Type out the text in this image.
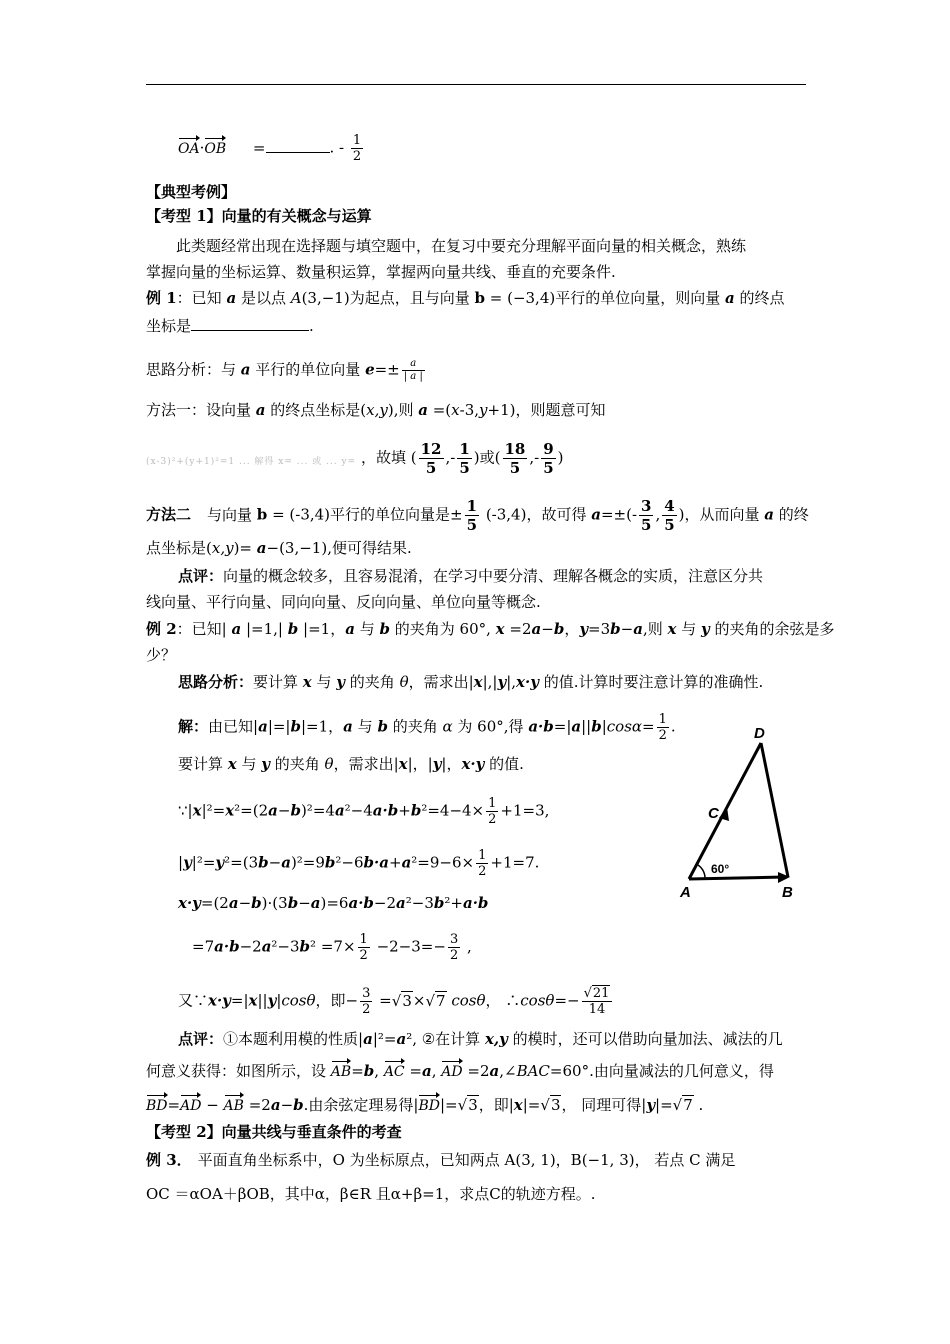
OA·OB =	. - $\frac{1}{2}$
【典型考例】
【考型 1】向量的有关概念与运算
此类题经常出现在选择题与填空题中，在复习中要充分理解平面向量的相关概念，熟练
掌握向量的坐标运算、数量积运算，掌握两向量共线、垂直的充要条件.
例 1：已知 a 是以点 A(3,−1)为起点，且与向量 b = (−3,4)平行的单位向量，则向量 a 的终点
坐标是	.
思路分析：与 a 平行的单位向量 $e=\pm \frac{a}{| a |}$
方法一：设向量 a 的终点坐标是(x,y),则 a =(x-3,y+1)，则题意可知
(x-3)²+(y+1)²=1 ... 解得 x= ... 或 ... y= ，故填 ( $\frac{12}{5}$ ,- $\frac{1}{5}$ )或( $\frac{18}{5}$ ,- $\frac{9}{5}$ )
方法二 与向量 b = (-3,4)平行的单位向量是± $\frac{1}{5} (-3,4)$，故可得 $a=\pm(- \frac{3}{5}$ , $\frac{4}{5}$ )，从而向量 a 的终
点坐标是(x,y)= a−(3,−1),便可得结果.
点评：向量的概念较多，且容易混淆，在学习中要分清、理解各概念的实质，注意区分共
线向量、平行向量、同向向量、反向向量、单位向量等概念.
例 2：已知| a |=1,| b |=1，a 与 b 的夹角为 60°, x =2a−b，y=3b−a,则 x 与 y 的夹角的余弦是多
少？
思路分析：要计算 x 与 y 的夹角 θ，需求出|x|,|y|,x·y 的值.计算时要注意计算的准确性.
解：由已知|a|=|b|=1，a 与 b 的夹角 α 为 60°,得 $a\cdot b=|a||b|\cos\alpha= \frac{1}{2}$ .
要计算 x 与 y 的夹角 θ，需求出|x|，|y|，x·y 的值.
∵|x|²=x²=(2a−b)²=4a²−4a·b+b²=4−4× $\frac{1}{2} +1=3$,
$|y|^2=y^2=(3b-a)^2=9b^2-6b\cdot a+a^2=9-6\times \frac{1}{2} +1=7$.
x·y=(2a−b)·(3b−a)=6a·b−2a²−3b²+a·b
$=7a\cdot b-2a^2-3b^2 =7\times \frac{1}{2} -2-3=- \frac{3}{2}$ ,
又∵x·y=|x||y|cosθ，即− $\frac{3}{2} =√3\times√7$ cosθ， ∴cosθ=− $\frac{√21}{14}$
点评：①本题利用模的性质|a|²=a², ②在计算 x,y 的模时，还可以借助向量加法、减法的几
何意义获得：如图所示，设 AB=b, AC =a, AD =2a,∠BAC=60°.由向量减法的几何意义，得
BD=AD − AB =2a−b.由余弦定理易得|BD|=√3，即|x|=√3， 同理可得|y|=√7 .
D
C
A	B
60°
【考型 2】向量共线与垂直条件的考查
例 3． 平面直角坐标系中，O 为坐标原点，已知两点 A(3, 1)，B(−1, 3)， 若点 C 满足
OC ＝αOA＋βOB，其中α，β∈R 且α+β=1，求点C的轨迹方程。.
